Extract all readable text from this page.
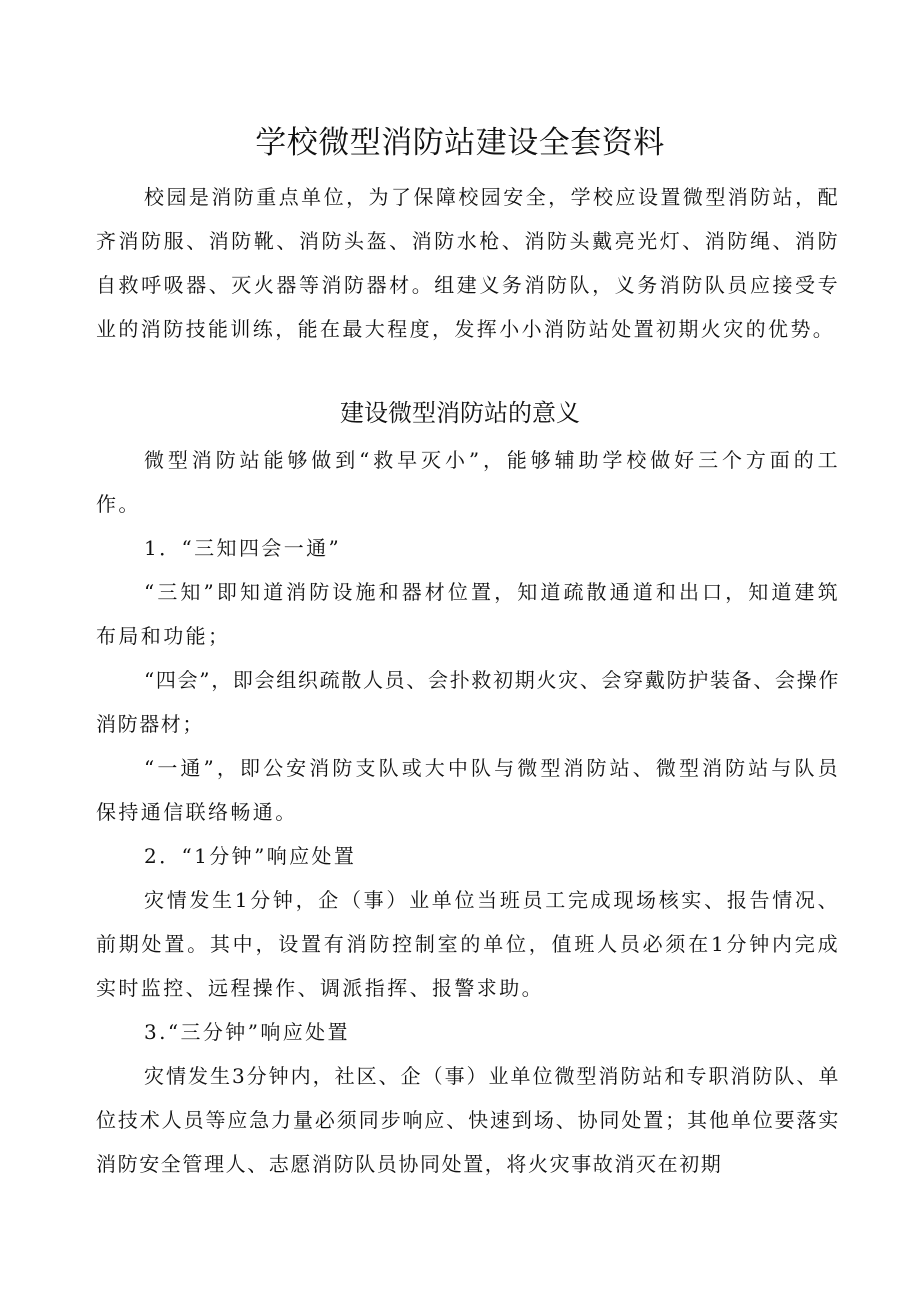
学校微型消防站建设全套资料

校园是消防重点单位，为了保障校园安全，学校应设置微型消防站，配齐消防服、消防靴、消防头盔、消防水枪、消防头戴亮光灯、消防绳、消防自救呼吸器、灭火器等消防器材。组建义务消防队，义务消防队员应接受专业的消防技能训练，能在最大程度，发挥小小消防站处置初期火灾的优势。

建设微型消防站的意义

微型消防站能够做到“救早灭小”，能够辅助学校做好三个方面的工作。

1．“三知四会一通”

“三知”即知道消防设施和器材位置，知道疏散通道和出口，知道建筑布局和功能；

“四会”，即会组织疏散人员、会扑救初期火灾、会穿戴防护装备、会操作消防器材；

“一通”，即公安消防支队或大中队与微型消防站、微型消防站与队员保持通信联络畅通。

2．“1分钟”响应处置

灾情发生1分钟，企（事）业单位当班员工完成现场核实、报告情况、前期处置。其中，设置有消防控制室的单位，值班人员必须在1分钟内完成实时监控、远程操作、调派指挥、报警求助。

3.“三分钟”响应处置

灾情发生3分钟内，社区、企（事）业单位微型消防站和专职消防队、单位技术人员等应急力量必须同步响应、快速到场、协同处置；其他单位要落实消防安全管理人、志愿消防队员协同处置，将火灾事故消灭在初期
